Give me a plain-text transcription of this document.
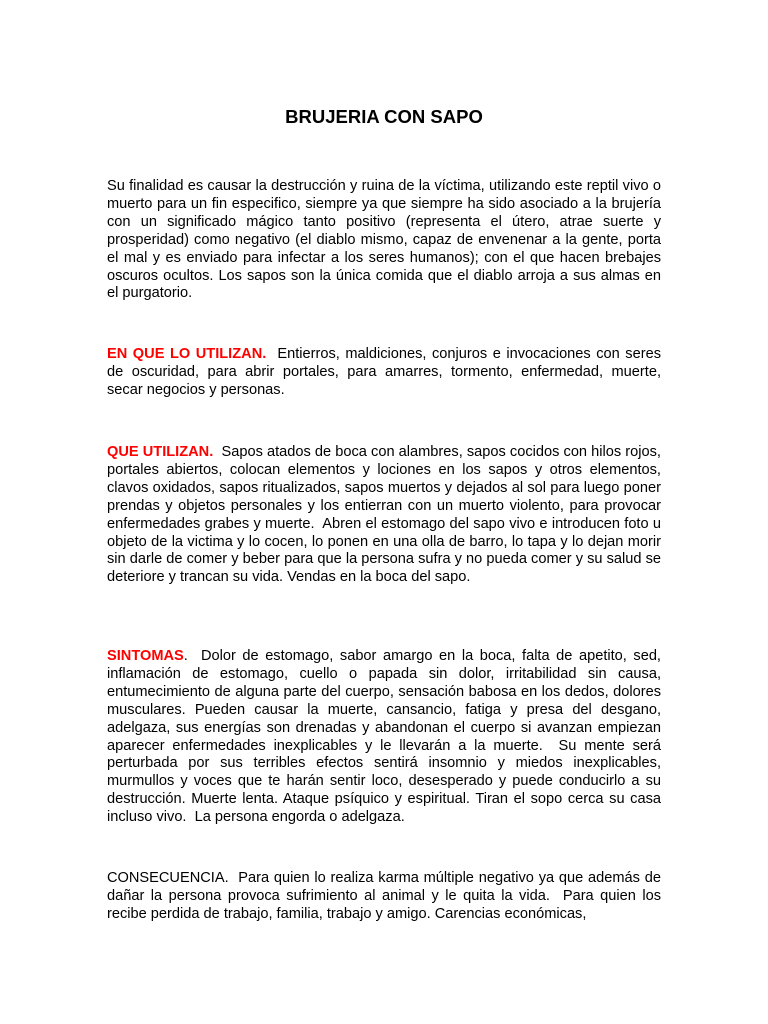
BRUJERIA CON SAPO

Su finalidad es causar la destrucción y ruina de la víctima, utilizando este reptil vivo o muerto para un fin especifico, siempre ya que siempre ha sido asociado a la brujería con un significado mágico tanto positivo (representa el útero, atrae suerte y prosperidad) como negativo (el diablo mismo, capaz de envenenar a la gente, porta el mal y es enviado para infectar a los seres humanos); con el que hacen brebajes oscuros ocultos. Los sapos son la única comida que el diablo arroja a sus almas en el purgatorio.

EN QUE LO UTILIZAN.  Entierros, maldiciones, conjuros e invocaciones con seres de oscuridad, para abrir portales, para amarres, tormento, enfermedad, muerte, secar negocios y personas.

QUE UTILIZAN.  Sapos atados de boca con alambres, sapos cocidos con hilos rojos, portales abiertos, colocan elementos y lociones en los sapos y otros elementos, clavos oxidados, sapos ritualizados, sapos muertos y dejados al sol para luego poner prendas y objetos personales y los entierran con un muerto violento, para provocar enfermedades grabes y muerte.  Abren el estomago del sapo vivo e introducen foto u objeto de la victima y lo cocen, lo ponen en una olla de barro, lo tapa y lo dejan morir sin darle de comer y beber para que la persona sufra y no pueda comer y su salud se deteriore y trancan su vida. Vendas en la boca del sapo.

SINTOMAS.  Dolor de estomago, sabor amargo en la boca, falta de apetito, sed, inflamación de estomago, cuello o papada sin dolor, irritabilidad sin causa, entumecimiento de alguna parte del cuerpo, sensación babosa en los dedos, dolores musculares. Pueden causar la muerte, cansancio, fatiga y presa del desgano, adelgaza, sus energías son drenadas y abandonan el cuerpo si avanzan empiezan aparecer enfermedades inexplicables y le llevarán a la muerte.  Su mente será perturbada por sus terribles efectos sentirá insomnio y miedos inexplicables, murmullos y voces que te harán sentir loco, desesperado y puede conducirlo a su destrucción. Muerte lenta. Ataque psíquico y espiritual. Tiran el sopo cerca su casa incluso vivo.  La persona engorda o adelgaza.

CONSECUENCIA.  Para quien lo realiza karma múltiple negativo ya que además de dañar la persona provoca sufrimiento al animal y le quita la vida.  Para quien los recibe perdida de trabajo, familia, trabajo y amigo. Carencias económicas,
